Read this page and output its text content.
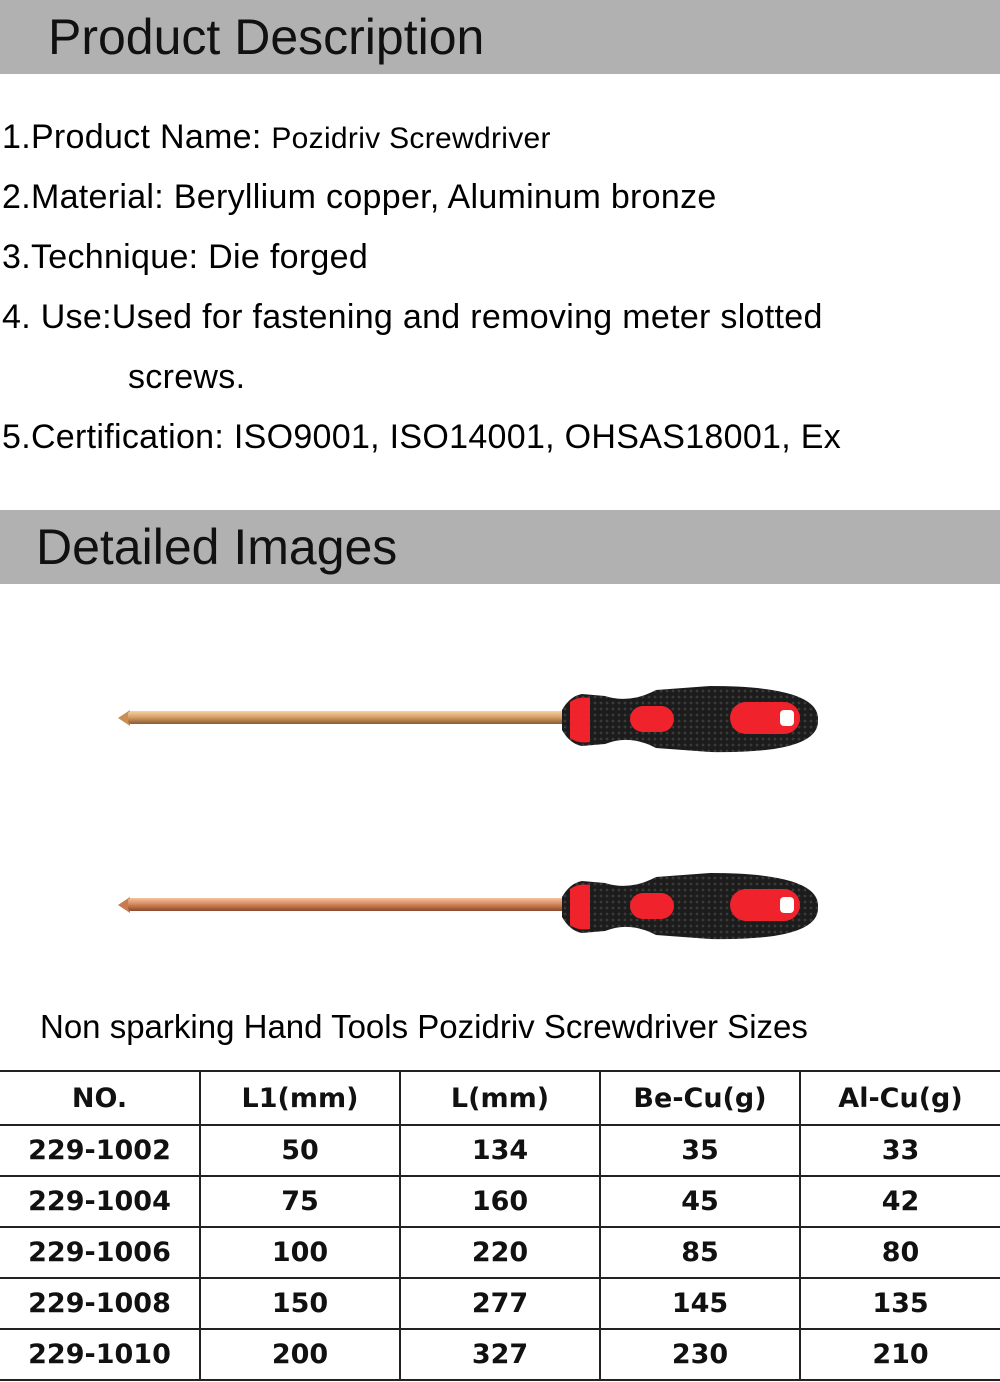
Product Description
1.Product Name: Pozidriv Screwdriver
2.Material: Beryllium copper, Aluminum bronze
3.Technique: Die forged
4. Use:Used for fastening and removing meter slotted
screws.
5.Certification: ISO9001, ISO14001, OHSAS18001, Ex
Detailed Images
Non sparking Hand Tools Pozidriv Screwdriver Sizes
NO.	L1(mm)	L(mm)	Be-Cu(g)	Al-Cu(g)
229-1002	50	134	35	33
229-1004	75	160	45	42
229-1006	100	220	85	80
229-1008	150	277	145	135
229-1010	200	327	230	210
